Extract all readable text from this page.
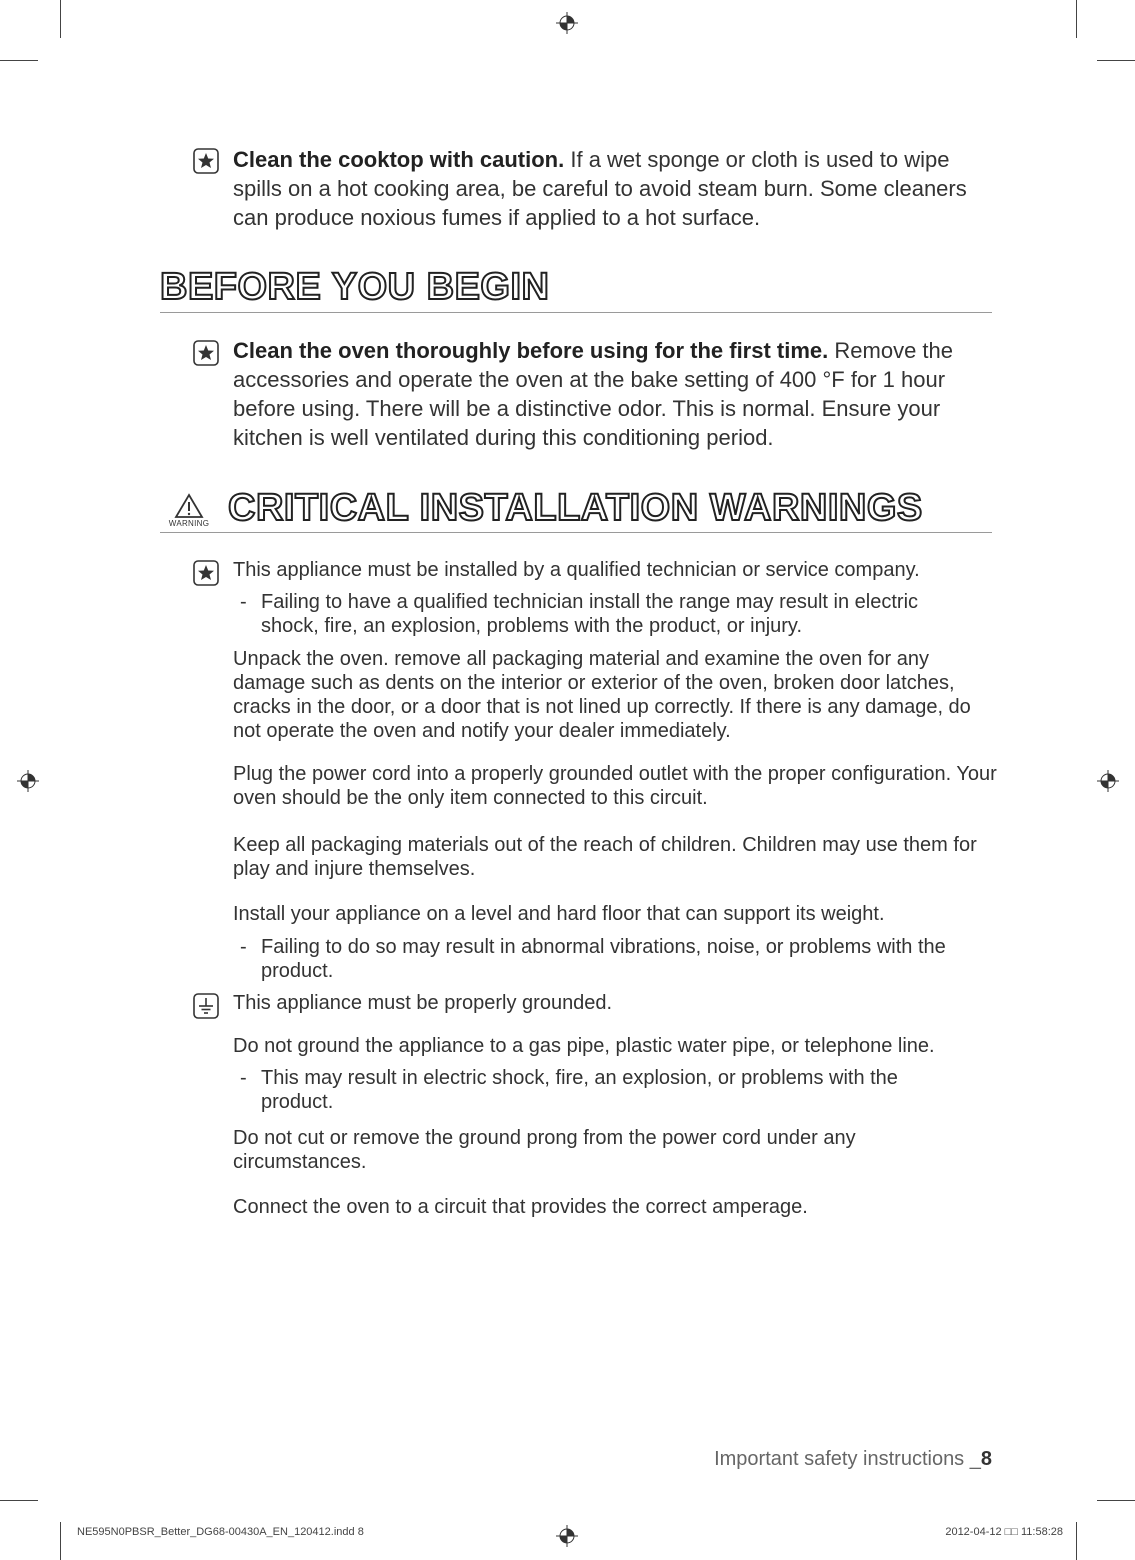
Clean the cooktop with caution. If a wet sponge or cloth is used to wipe spills on a hot cooking area, be careful to avoid steam burn. Some cleaners can produce noxious fumes if applied to a hot surface.
BEFORE YOU BEGIN
Clean the oven thoroughly before using for the first time. Remove the accessories and operate the oven at the bake setting of 400 °F for 1 hour before using. There will be a distinctive odor. This is normal. Ensure your kitchen is well ventilated during this conditioning period.
WARNING CRITICAL INSTALLATION WARNINGS
This appliance must be installed by a qualified technician or service company.
- Failing to have a qualified technician install the range may result in electric shock, fire, an explosion, problems with the product, or injury.
Unpack the oven. remove all packaging material and examine the oven for any damage such as dents on the interior or exterior of the oven, broken door latches, cracks in the door, or a door that is not lined up correctly. If there is any damage, do not operate the oven and notify your dealer immediately.
Plug the power cord into a properly grounded outlet with the proper configuration. Your oven should be the only item connected to this circuit.
Keep all packaging materials out of the reach of children. Children may use them for play and injure themselves.
Install your appliance on a level and hard floor that can support its weight.
- Failing to do so may result in abnormal vibrations, noise, or problems with the product.
This appliance must be properly grounded.
Do not ground the appliance to a gas pipe, plastic water pipe, or telephone line.
- This may result in electric shock, fire, an explosion, or problems with the product.
Do not cut or remove the ground prong from the power cord under any circumstances.
Connect the oven to a circuit that provides the correct amperage.
Important safety instructions _8
NE595N0PBSR_Better_DG68-00430A_EN_120412.indd 8	2012-04-12 □□ 11:58:28
